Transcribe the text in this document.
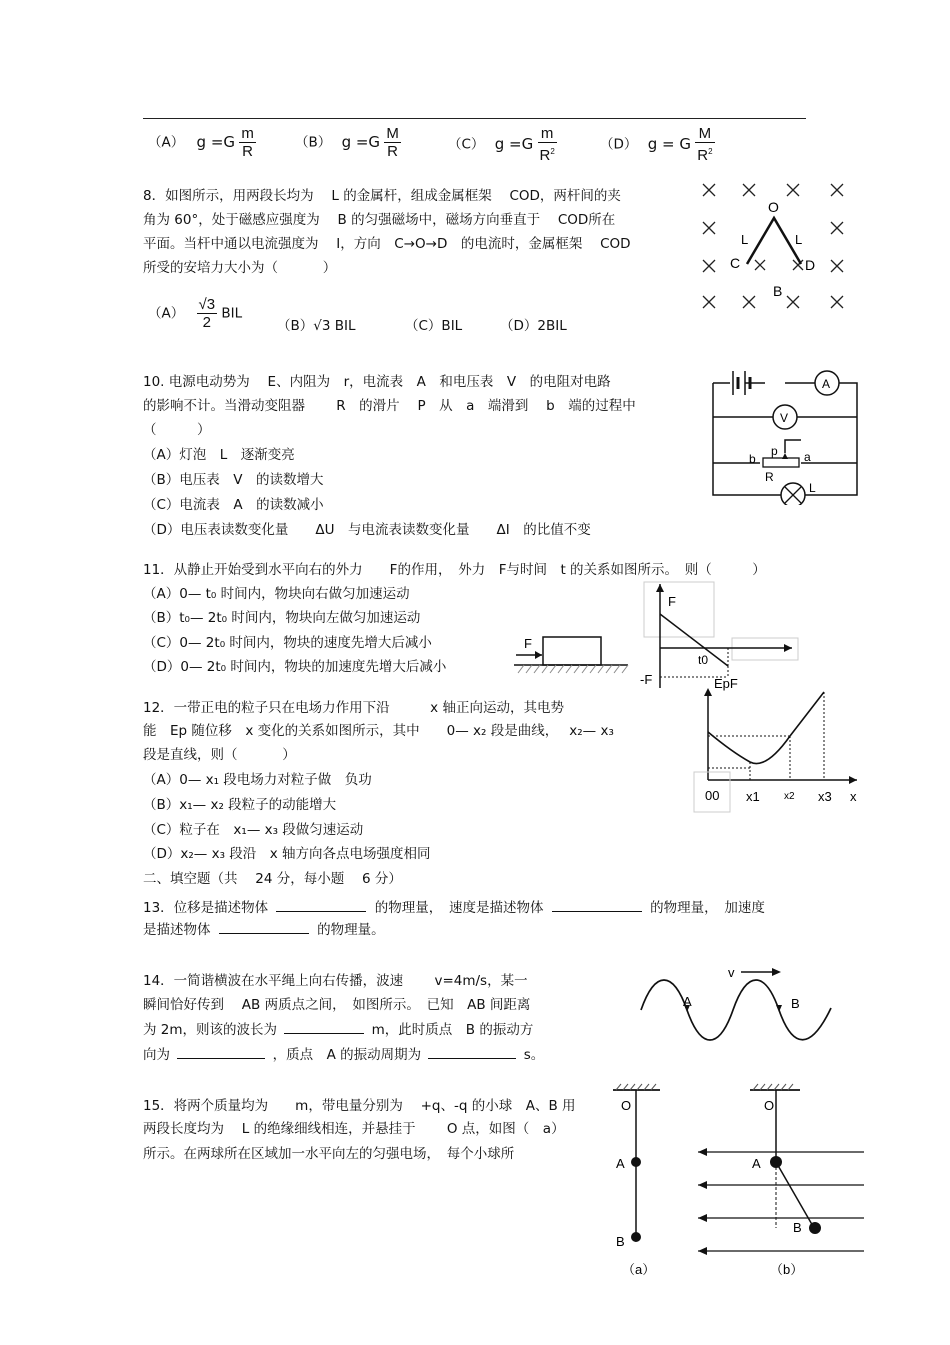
（A） $g =G \frac{m}{R}$	（B） $g =G \frac{M}{R}$	（C） $g =G \frac{m}{R^2}$	（D） g = G $\frac{M}{R^2}$
8．如图所示，用两段长均为　 L 的金属杆，组成金属框架　 COD，两杆间的夹
角为 60°，处于磁感应强度为　 B 的匀强磁场中，磁场方向垂直于　 COD所在
平面。当杆中通以电流强度为　 I，方向　C→O→D　的电流时，金属框架　 COD
所受的安培力大小为（　　　 ）
$(A) \frac{√3}{2}$ BIL
（B）√3 BIL	（C）BIL	（D）2BIL
O
L	L
C	D
B
10. 电源电动势为　 E、内阻为　r，电流表　A　和电压表　V　的电阻对电路
的影响不计。当滑动变阻器　　 R　的滑片　 P　从　a　端滑到　 b　端的过程中
（　　　）
（A）灯泡　L　逐渐变亮
（B）电压表　V　的读数增大
（C）电流表　A　的读数减小
（D）电压表读数变化量　　ΔU　与电流表读数变化量　　ΔI　的比值不变
A
V
p
b	a
R
L
11．从静止开始受到水平向右的外力　　F的作用，　外力　F与时间　t 的关系如图所示。　则（　　　）
（A）0— t₀ 时间内，物块向右做匀加速运动
（B）t₀— 2t₀ 时间内，物块向左做匀加速运动
（C）0— 2t₀ 时间内，物块的速度先增大后减小
（D）0— 2t₀ 时间内，物块的加速度先增大后减小
F
F
t0
-F
12．一带正电的粒子只在电场力作用下沿　　　x 轴正向运动，其电势
能　Ep 随位移　x 变化的关系如图所示，其中　　0— x₂ 段是曲线，　 x₂— x₃
段是直线，则（　　　 ）
（A）0— x₁ 段电场力对粒子做　负功
（B）x₁— x₂ 段粒子的动能增大
（C）粒子在　x₁— x₃ 段做匀速运动
（D）x₂— x₃ 段沿　x 轴方向各点电场强度相同
EpF
00 x1 x2 x3 x
二、填空题（共　 24 分，每小题　 6 分）
13．位移是描述物体	的物理量，　速度是描述物体	的物理量，　加速度
是描述物体	的物理量。
14．一简谐横波在水平绳上向右传播，波速　　 v=4m/s，某一
瞬间恰好传到　 AB 两质点之间，　如图所示。　已知　AB 间距离
为 2m，则该的波长为	m，此时质点　B 的振动方
向为	，质点　A 的振动周期为	s。
v
A	B
15．将两个质量均为　　m，带电量分别为　 +q、-q 的小球　A、B 用
两段长度均为　 L 的绝缘细线相连，并悬挂于　　 O 点，如图（　a）
所示。在两球所在区域加一水平向左的匀强电场，　每个小球所
O
A
B
（a）
O
A
B
（b）
